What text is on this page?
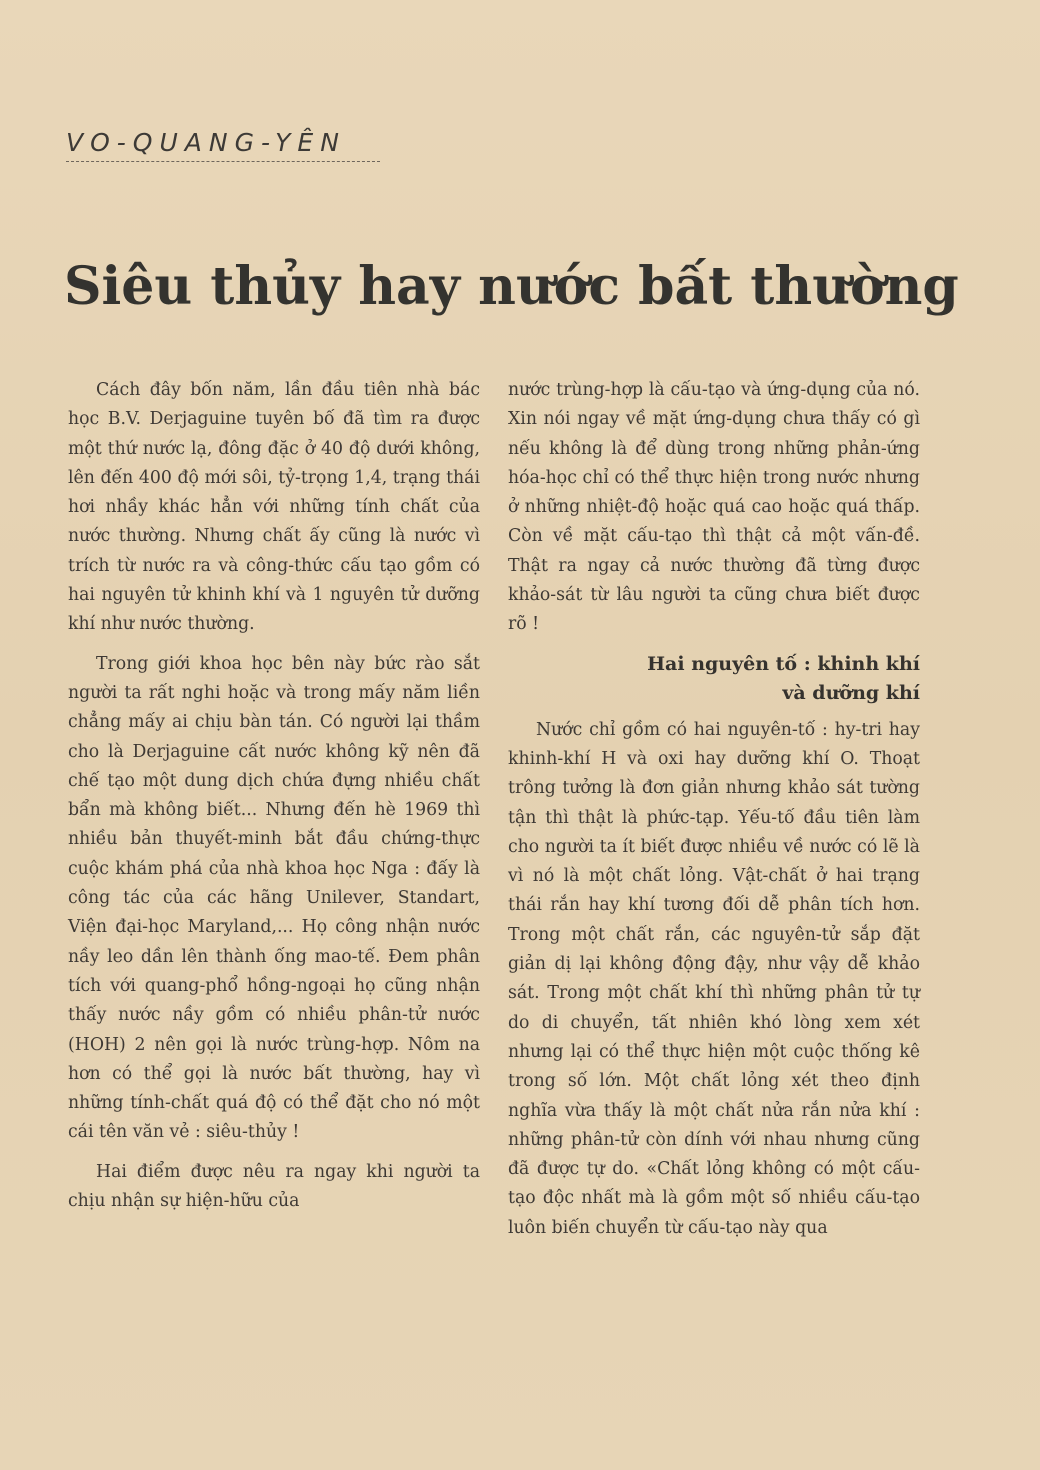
VO-QUANG-YÊN
Siêu thủy hay nước bất thường

Cách đây bốn năm, lần đầu tiên nhà bác học B.V. Derjaguine tuyên bố đã tìm ra được một thứ nước lạ, đông đặc ở 40 độ dưới không, lên đến 400 độ mới sôi, tỷ-trọng 1,4, trạng thái hơi nhầy khác hẳn với những tính chất của nước thường. Nhưng chất ấy cũng là nước vì trích từ nước ra và công-thức cấu tạo gồm có hai nguyên tử khinh khí và 1 nguyên tử dưỡng khí như nước thường.

Trong giới khoa học bên này bức rào sắt người ta rất nghi hoặc và trong mấy năm liền chẳng mấy ai chịu bàn tán. Có người lại thầm cho là Derjaguine cất nước không kỹ nên đã chế tạo một dung dịch chứa đựng nhiều chất bẩn mà không biết... Nhưng đến hè 1969 thì nhiều bản thuyết-minh bắt đầu chứng-thực cuộc khám phá của nhà khoa học Nga : đấy là công tác của các hãng Unilever, Standart, Viện đại-học Maryland,... Họ công nhận nước nầy leo dần lên thành ống mao-tế. Đem phân tích với quang-phổ hồng-ngoại họ cũng nhận thấy nước nầy gồm có nhiều phân-tử nước (HOH) 2 nên gọi là nước trùng-hợp. Nôm na hơn có thể gọi là nước bất thường, hay vì những tính-chất quá độ có thể đặt cho nó một cái tên văn vẻ : siêu-thủy !

Hai điểm được nêu ra ngay khi người ta chịu nhận sự hiện-hữu của

nước trùng-hợp là cấu-tạo và ứng-dụng của nó. Xin nói ngay về mặt ứng-dụng chưa thấy có gì nếu không là để dùng trong những phản-ứng hóa-học chỉ có thể thực hiện trong nước nhưng ở những nhiệt-độ hoặc quá cao hoặc quá thấp. Còn về mặt cấu-tạo thì thật cả một vấn-đề. Thật ra ngay cả nước thường đã từng được khảo-sát từ lâu người ta cũng chưa biết được rõ !

Hai nguyên tố : khinh khí
và dưỡng khí

Nước chỉ gồm có hai nguyên-tố : hy-tri hay khinh-khí H và oxi hay dưỡng khí O. Thoạt trông tưởng là đơn giản nhưng khảo sát tường tận thì thật là phức-tạp. Yếu-tố đầu tiên làm cho người ta ít biết được nhiều về nước có lẽ là vì nó là một chất lỏng. Vật-chất ở hai trạng thái rắn hay khí tương đối dễ phân tích hơn. Trong một chất rắn, các nguyên-tử sắp đặt giản dị lại không động đậy, như vậy dễ khảo sát. Trong một chất khí thì những phân tử tự do di chuyển, tất nhiên khó lòng xem xét nhưng lại có thể thực hiện một cuộc thống kê trong số lớn. Một chất lỏng xét theo định nghĩa vừa thấy là một chất nửa rắn nửa khí : những phân-tử còn dính với nhau nhưng cũng đã được tự do. «Chất lỏng không có một cấu-tạo độc nhất mà là gồm một số nhiều cấu-tạo luôn biến chuyển từ cấu-tạo này qua
